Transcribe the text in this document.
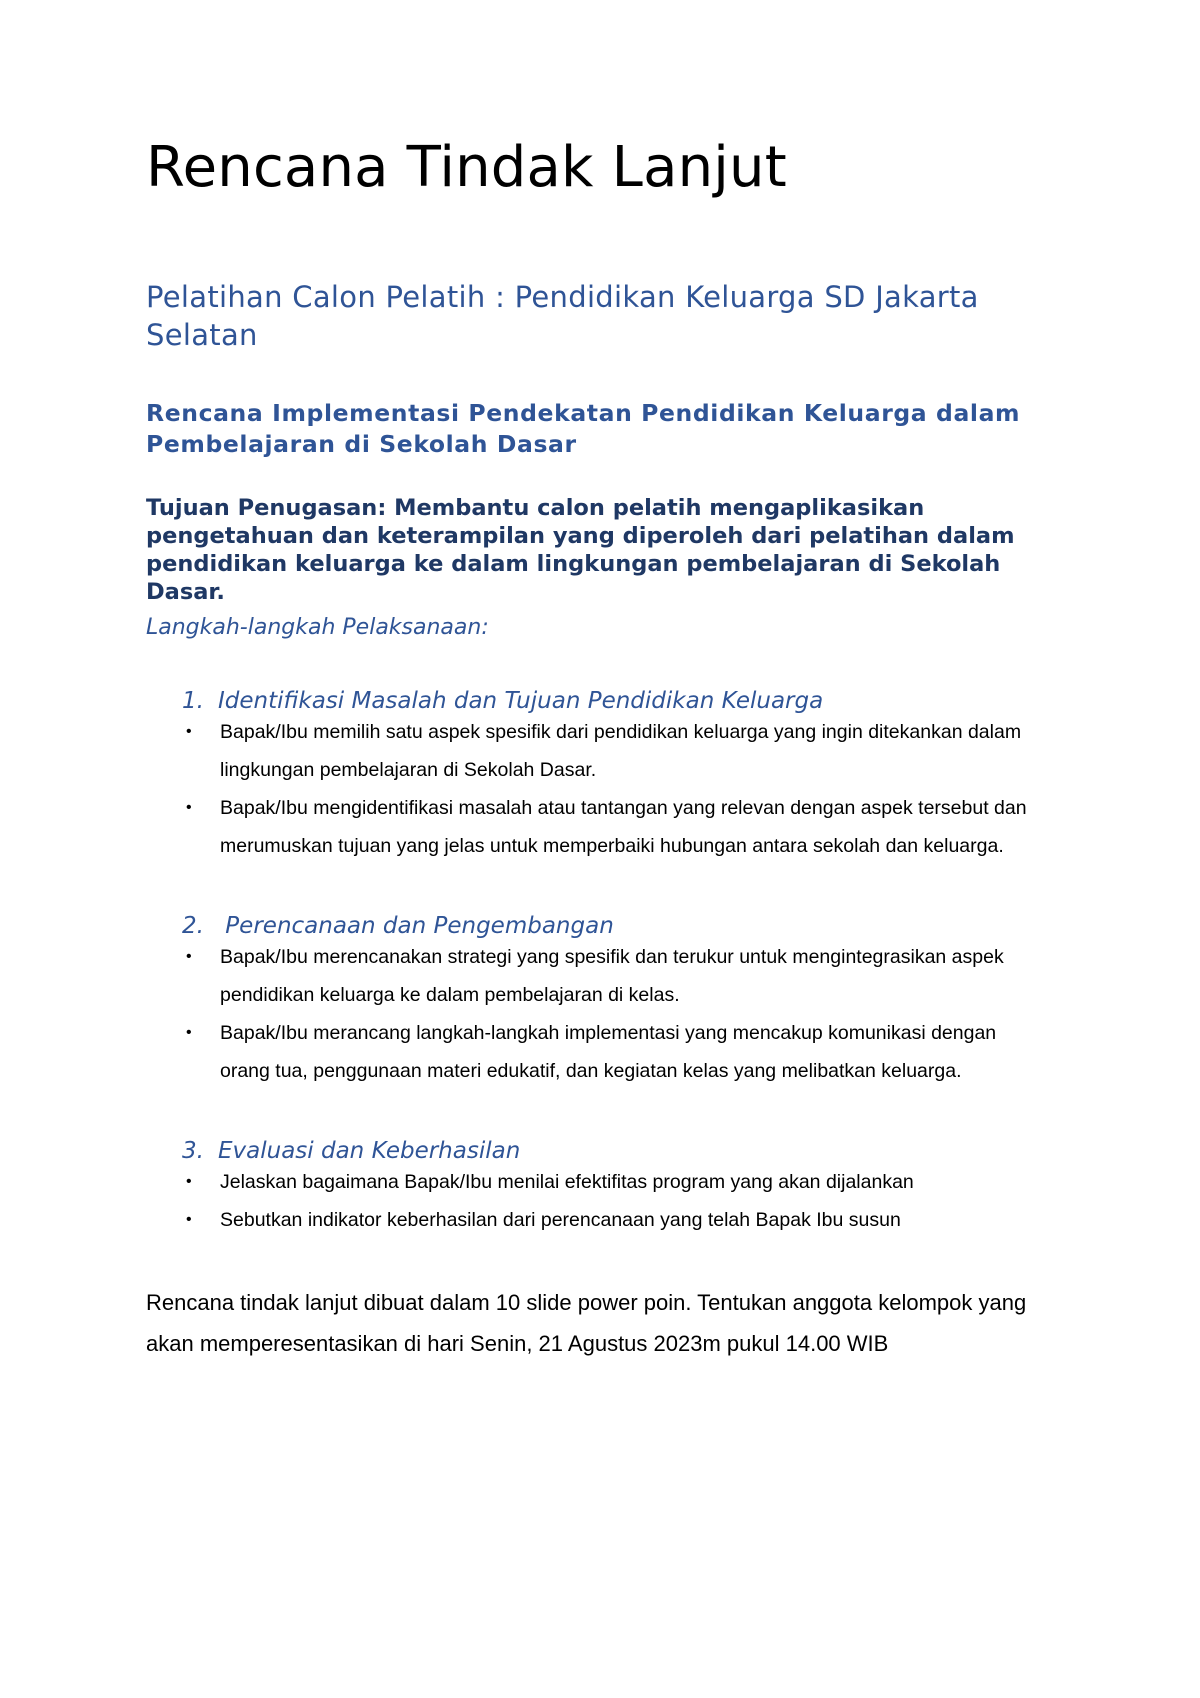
Rencana Tindak Lanjut
Pelatihan Calon Pelatih : Pendidikan Keluarga SD Jakarta Selatan
Rencana Implementasi Pendekatan Pendidikan Keluarga dalam Pembelajaran di Sekolah Dasar
Tujuan Penugasan: Membantu calon pelatih mengaplikasikan pengetahuan dan keterampilan yang diperoleh dari pelatihan dalam pendidikan keluarga ke dalam lingkungan pembelajaran di Sekolah Dasar.
Langkah-langkah Pelaksanaan:
1. Identifikasi Masalah dan Tujuan Pendidikan Keluarga
• Bapak/Ibu memilih satu aspek spesifik dari pendidikan keluarga yang ingin ditekankan dalam lingkungan pembelajaran di Sekolah Dasar.
• Bapak/Ibu mengidentifikasi masalah atau tantangan yang relevan dengan aspek tersebut dan merumuskan tujuan yang jelas untuk memperbaiki hubungan antara sekolah dan keluarga.
2. Perencanaan dan Pengembangan
• Bapak/Ibu merencanakan strategi yang spesifik dan terukur untuk mengintegrasikan aspek pendidikan keluarga ke dalam pembelajaran di kelas.
• Bapak/Ibu merancang langkah-langkah implementasi yang mencakup komunikasi dengan orang tua, penggunaan materi edukatif, dan kegiatan kelas yang melibatkan keluarga.
3. Evaluasi dan Keberhasilan
• Jelaskan bagaimana Bapak/Ibu menilai efektifitas program yang akan dijalankan
• Sebutkan indikator keberhasilan dari perencanaan yang telah Bapak Ibu susun
Rencana tindak lanjut dibuat dalam 10 slide power poin. Tentukan anggota kelompok yang akan memperesentasikan di hari Senin, 21 Agustus 2023m pukul 14.00 WIB
